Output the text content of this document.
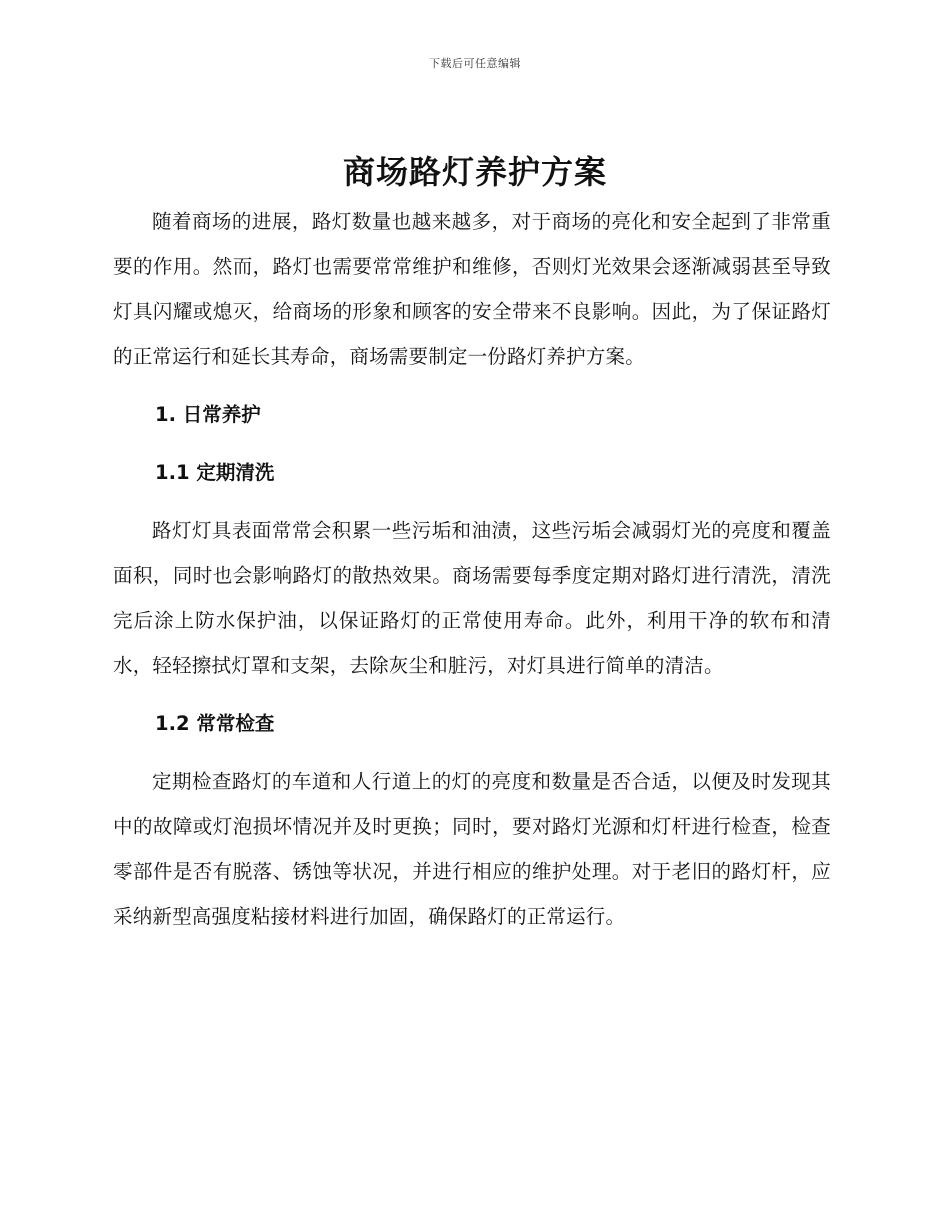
下载后可任意编辑
商场路灯养护方案

随着商场的进展，路灯数量也越来越多，对于商场的亮化和安全起到了非常重要的作用。然而，路灯也需要常常维护和维修，否则灯光效果会逐渐减弱甚至导致灯具闪耀或熄灭，给商场的形象和顾客的安全带来不良影响。因此，为了保证路灯的正常运行和延长其寿命，商场需要制定一份路灯养护方案。

1. 日常养护

1.1 定期清洗

路灯灯具表面常常会积累一些污垢和油渍，这些污垢会减弱灯光的亮度和覆盖面积，同时也会影响路灯的散热效果。商场需要每季度定期对路灯进行清洗，清洗完后涂上防水保护油，以保证路灯的正常使用寿命。此外，利用干净的软布和清水，轻轻擦拭灯罩和支架，去除灰尘和脏污，对灯具进行简单的清洁。

1.2 常常检查

定期检查路灯的车道和人行道上的灯的亮度和数量是否合适，以便及时发现其中的故障或灯泡损坏情况并及时更换；同时，要对路灯光源和灯杆进行检查，检查零部件是否有脱落、锈蚀等状况，并进行相应的维护处理。对于老旧的路灯杆，应采纳新型高强度粘接材料进行加固，确保路灯的正常运行。
